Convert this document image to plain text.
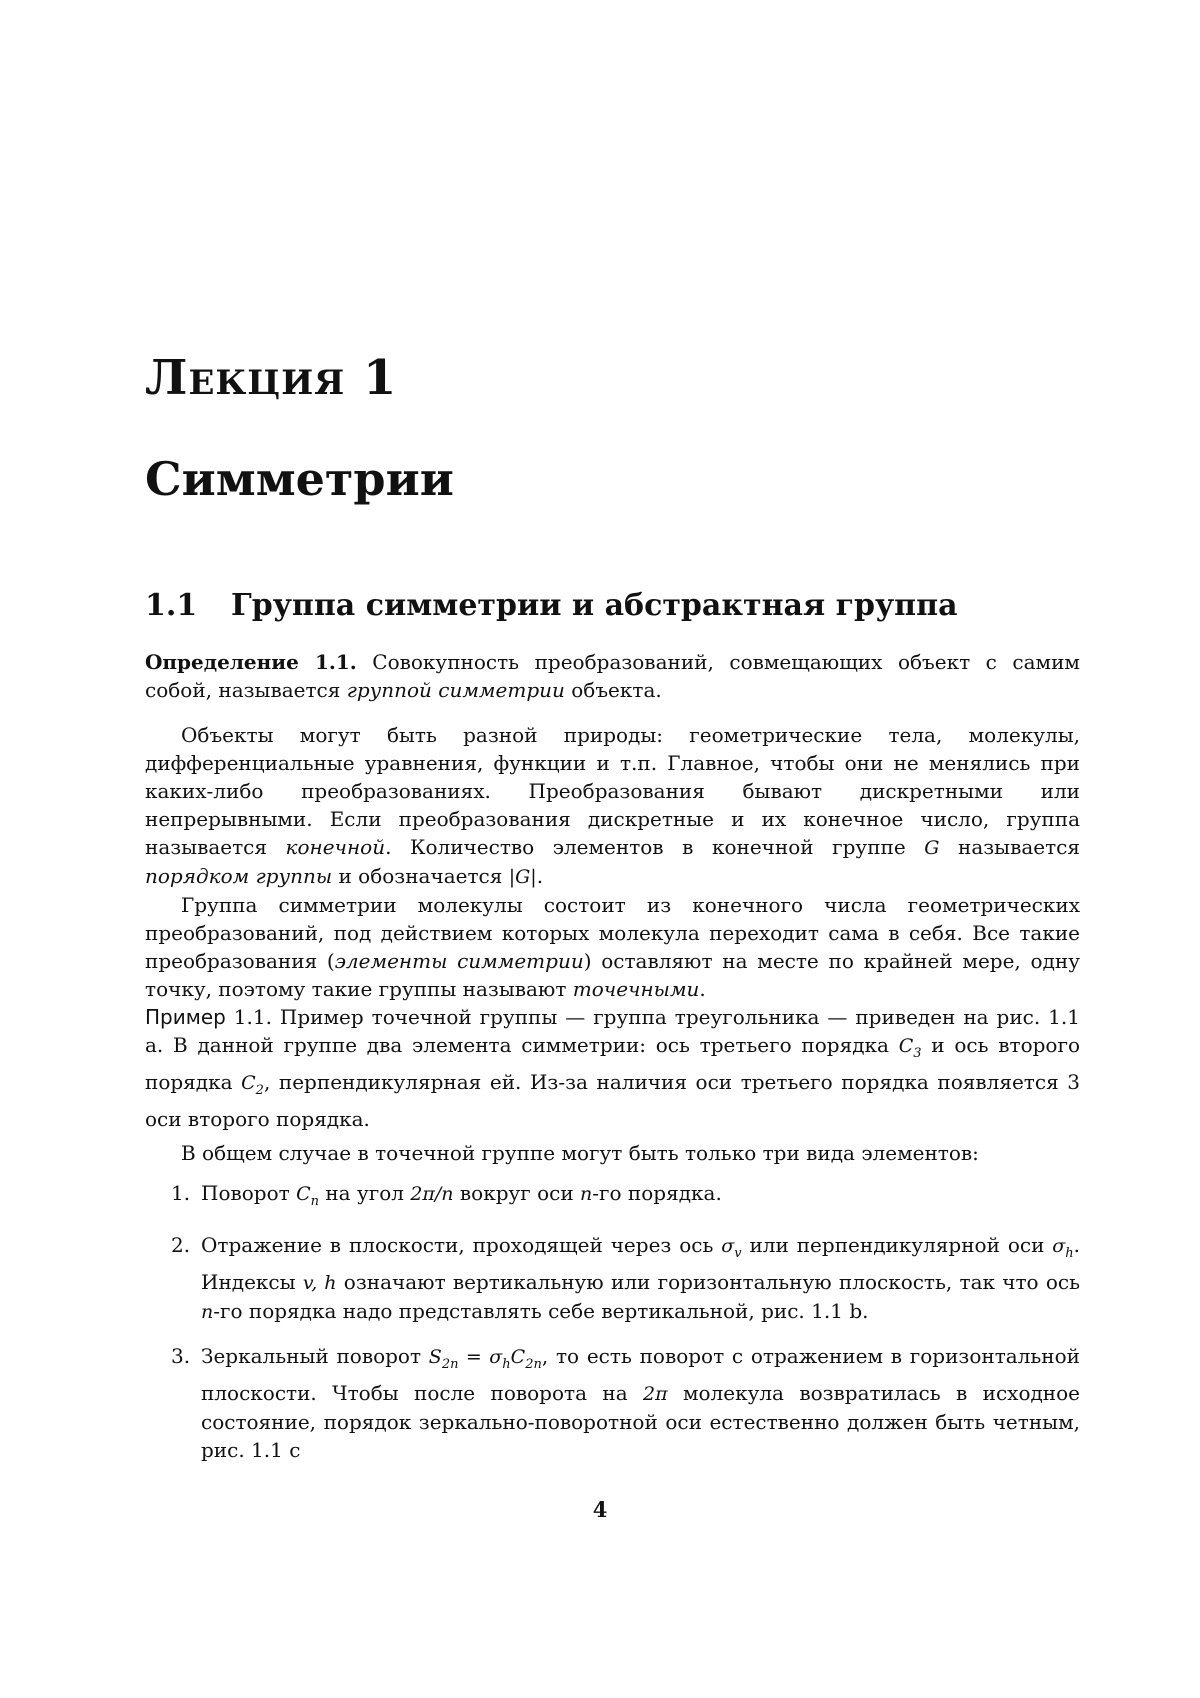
Лекция 1
Симметрии
1.1 Группа симметрии и абстрактная группа

Определение 1.1. Совокупность преобразований, совмещающих объект с самим собой, называется группой симметрии объекта.

Объекты могут быть разной природы: геометрические тела, молекулы, дифференциальные уравнения, функции и т.п. Главное, чтобы они не менялись при каких-либо преобразованиях. Преобразования бывают дискретными или непрерывными. Если преобразования дискретные и их конечное число, группа называется конечной. Количество элементов в конечной группе G называется порядком группы и обозначается |G|.

Группа симметрии молекулы состоит из конечного числа геометрических преобразований, под действием которых молекула переходит сама в себя. Все такие преобразования (элементы симметрии) оставляют на месте по крайней мере, одну точку, поэтому такие группы называют точечными.

Пример 1.1. Пример точечной группы — группа треугольника — приведен на рис. 1.1 a. В данной группе два элемента симметрии: ось третьего порядка C3 и ось второго порядка C2, перпендикулярная ей. Из-за наличия оси третьего порядка появляется 3 оси второго порядка.

В общем случае в точечной группе могут быть только три вида элементов:

1. Поворот Cn на угол 2π/n вокруг оси n-го порядка.
2. Отражение в плоскости, проходящей через ось σv или перпендикулярной оси σh. Индексы v, h означают вертикальную или горизонтальную плоскость, так что ось n-го порядка надо представлять себе вертикальной, рис. 1.1 b.
3. Зеркальный поворот S2n = σhC2n, то есть поворот с отражением в горизонтальной плоскости. Чтобы после поворота на 2π молекула возвратилась в исходное состояние, порядок зеркально-поворотной оси естественно должен быть четным, рис. 1.1 c
4
